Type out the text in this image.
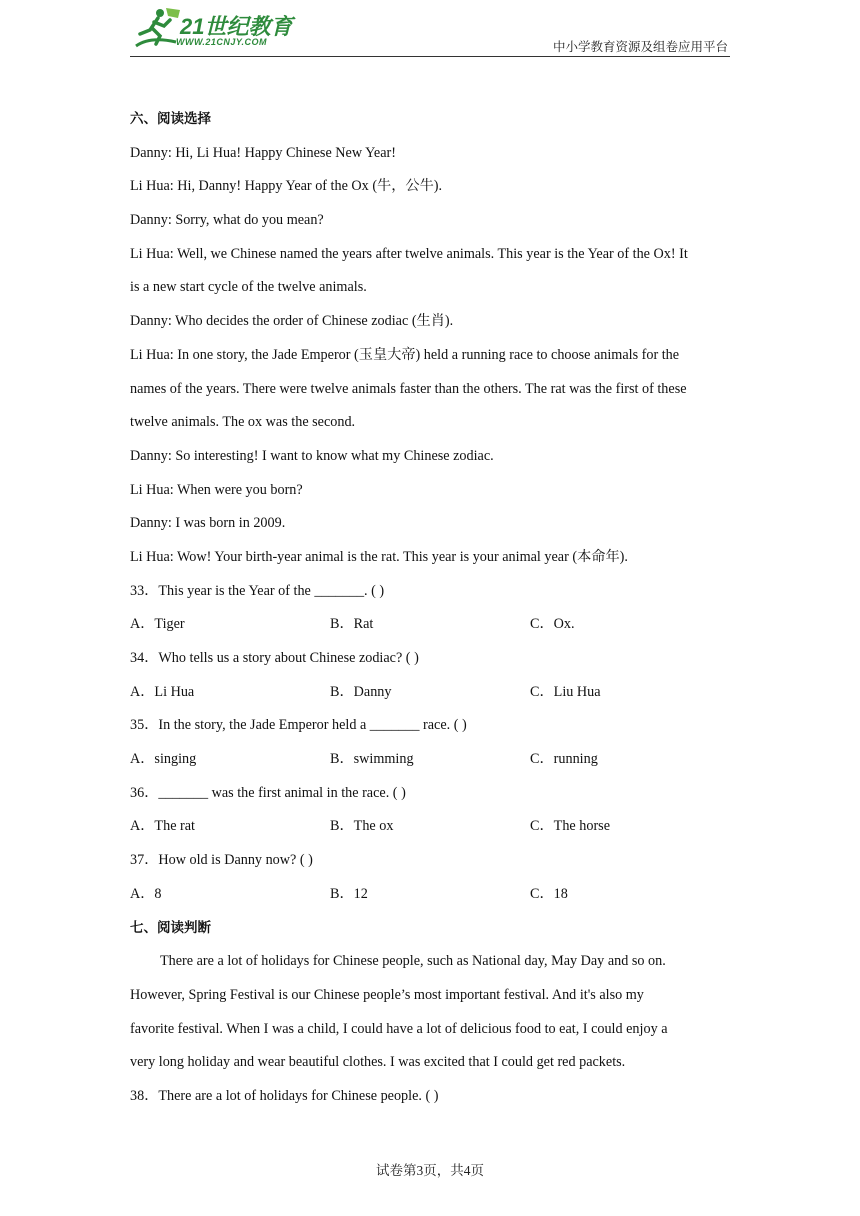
21世纪教育
WWW.21CNJY.COM	中小学教育资源及组卷应用平台
六、阅读选择
Danny: Hi, Li Hua! Happy Chinese New Year!
Li Hua: Hi, Danny! Happy Year of the Ox (牛，公牛).
Danny: Sorry, what do you mean?
Li Hua: Well, we Chinese named the years after twelve animals. This year is the Year of the Ox! It
is a new start cycle of the twelve animals.
Danny: Who decides the order of Chinese zodiac (生肖).
Li Hua: In one story, the Jade Emperor (玉皇大帝) held a running race to choose animals for the
names of the years. There were twelve animals faster than the others. The rat was the first of these
twelve animals. The ox was the second.
Danny: So interesting! I want to know what my Chinese zodiac.
Li Hua: When were you born?
Danny: I was born in 2009.
Li Hua: Wow! Your birth-year animal is the rat. This year is your animal year (本命年).
33．This year is the Year of the _______. ( )
A．Tiger	B．Rat	C．Ox.
34．Who tells us a story about Chinese zodiac? ( )
A．Li Hua	B．Danny	C．Liu Hua
35．In the story, the Jade Emperor held a _______ race. ( )
A．singing	B．swimming	C．running
36．_______ was the first animal in the race. ( )
A．The rat	B．The ox	C．The horse
37．How old is Danny now? ( )
A．8	B．12	C．18
七、阅读判断
There are a lot of holidays for Chinese people, such as National day, May Day and so on.
However, Spring Festival is our Chinese people’s most important festival. And it's also my
favorite festival. When I was a child, I could have a lot of delicious food to eat, I could enjoy a
very long holiday and wear beautiful clothes. I was excited that I could get red packets.
38．There are a lot of holidays for Chinese people. ( )
试卷第3页，共4页
